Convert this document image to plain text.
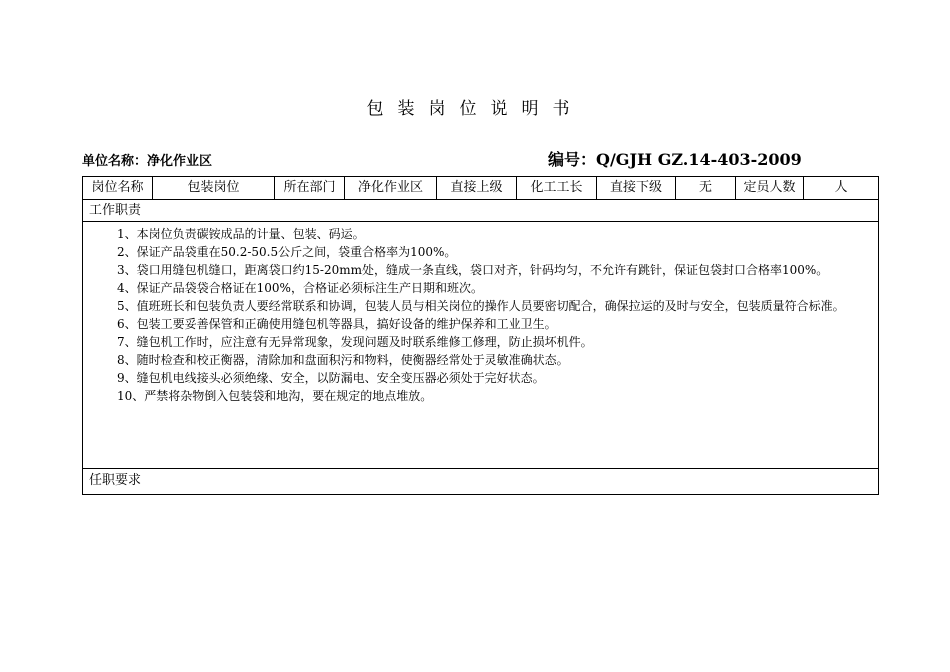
包装岗位说明书
单位名称：净化作业区	编号：Q/GJH GZ.14-403-2009
岗位名称	包装岗位	所在部门	净化作业区	直接上级	化工工长	直接下级	无	定员人数	人
工作职责

1、本岗位负责碳铵成品的计量、包装、码运。

2、保证产品袋重在50.2-50.5公斤之间，袋重合格率为100%。

3、袋口用缝包机缝口，距离袋口约15-20mm处，缝成一条直线，袋口对齐，针码均匀，不允许有跳针，保证包袋封口合格率100%。

4、保证产品袋袋合格证在100%，合格证必须标注生产日期和班次。

5、值班班长和包装负责人要经常联系和协调，包装人员与相关岗位的操作人员要密切配合，确保拉运的及时与安全，包装质量符合标准。

6、包装工要妥善保管和正确使用缝包机等器具，搞好设备的维护保养和工业卫生。

7、缝包机工作时，应注意有无异常现象，发现问题及时联系维修工修理，防止损坏机件。

8、随时检查和校正衡器，清除加和盘面积污和物料，使衡器经常处于灵敏准确状态。

9、缝包机电线接头必须绝缘、安全，以防漏电、安全变压器必须处于完好状态。

10、严禁将杂物倒入包装袋和地沟，要在规定的地点堆放。

任职要求
